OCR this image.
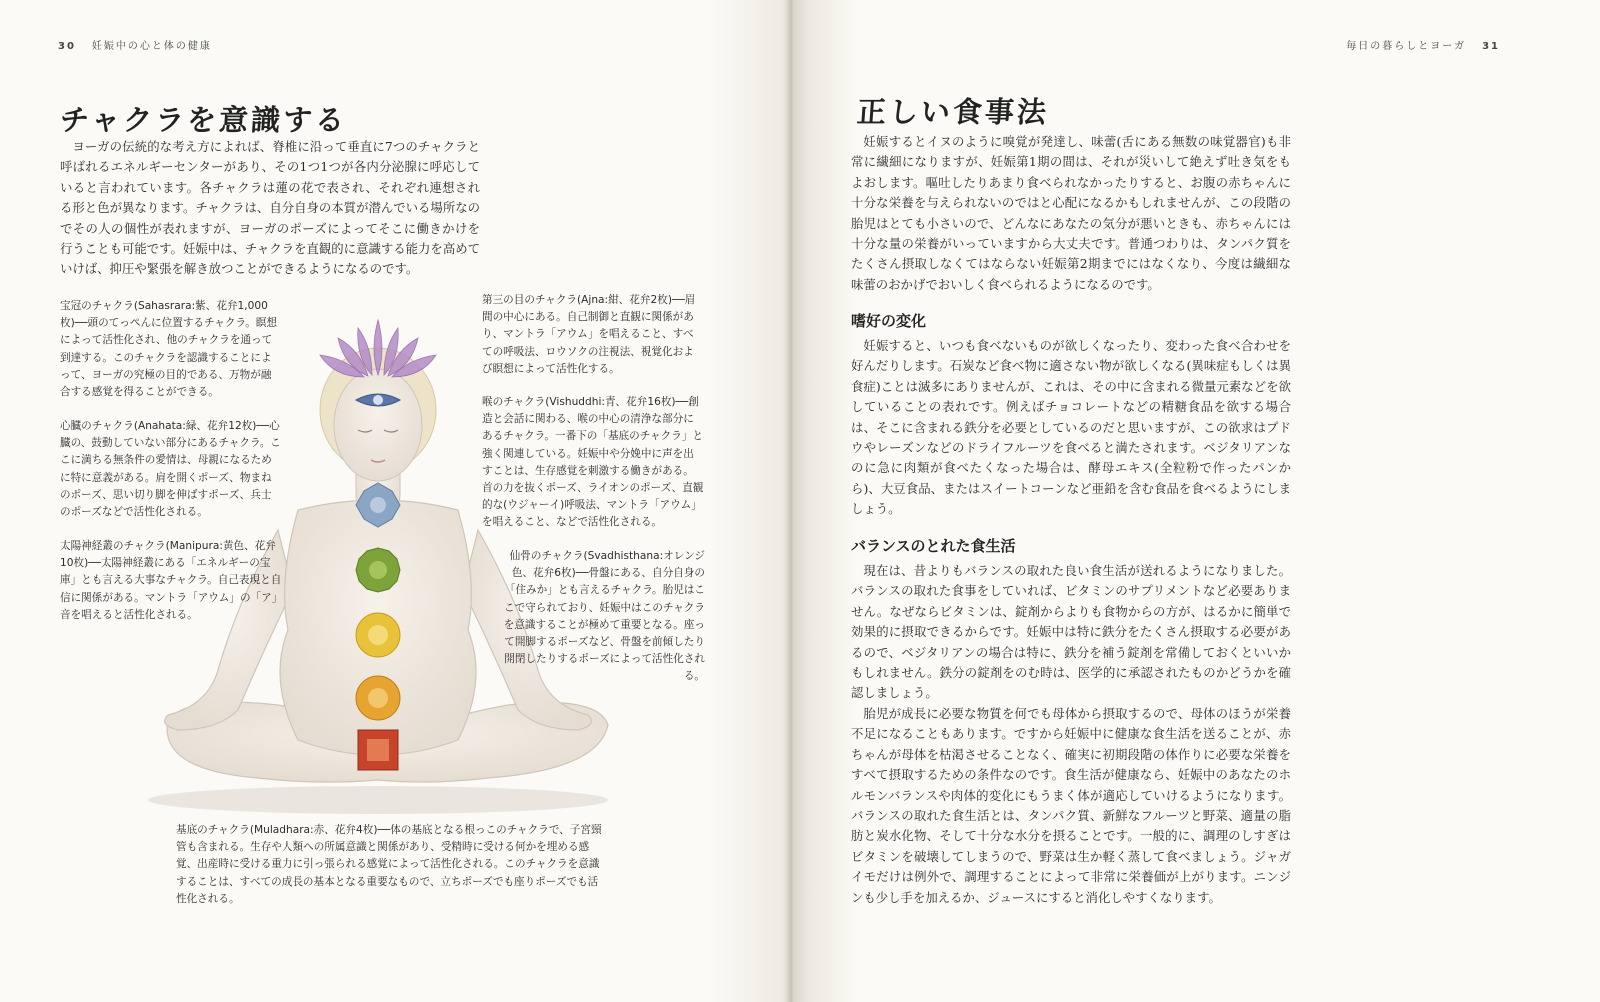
30 妊娠中の心と体の健康
チャクラを意識する

ヨーガの伝統的な考え方によれば、脊椎に沿って垂直に7つのチャクラと呼ばれるエネルギーセンターがあり、その1つ1つが各内分泌腺に呼応していると言われています。各チャクラは蓮の花で表され、それぞれ連想される形と色が異なります。チャクラは、自分自身の本質が潜んでいる場所なのでその人の個性が表れますが、ヨーガのポーズによってそこに働きかけを行うことも可能です。妊娠中は、チャクラを直観的に意識する能力を高めていけば、抑圧や緊張を解き放つことができるようになるのです。

宝冠のチャクラ(Sahasrara:紫、花弁1,000枚)──頭のてっぺんに位置するチャクラ。瞑想によって活性化され、他のチャクラを通って到達する。このチャクラを認識することによって、ヨーガの究極の目的である、万物が融合する感覚を得ることができる。

心臓のチャクラ(Anahata:緑、花弁12枚)──心臓の、鼓動していない部分にあるチャクラ。ここに満ちる無条件の愛情は、母親になるために特に意義がある。肩を開くポーズ、物まねのポーズ、思い切り脚を伸ばすポーズ、兵士のポーズなどで活性化される。

太陽神経叢のチャクラ(Manipura:黄色、花弁10枚)──太陽神経叢にある「エネルギーの宝庫」とも言える大事なチャクラ。自己表現と自信に関係がある。マントラ「アウム」の「ア」音を唱えると活性化される。

第三の目のチャクラ(Ajna:紺、花弁2枚)──眉間の中心にある。自己制御と直観に関係があり、マントラ「アウム」を唱えること、すべての呼吸法、ロウソクの注視法、視覚化および瞑想によって活性化する。

喉のチャクラ(Vishuddhi:青、花弁16枚)──創造と会話に関わる、喉の中心の清浄な部分にあるチャクラ。一番下の「基底のチャクラ」と強く関連している。妊娠中や分娩中に声を出すことは、生存感覚を刺激する働きがある。首の力を抜くポーズ、ライオンのポーズ、直観的な(ウジャーイ)呼吸法、マントラ「アウム」を唱えること、などで活性化される。

仙骨のチャクラ(Svadhisthana:オレンジ色、花弁6枚)──骨盤にある、自分自身の「住みか」とも言えるチャクラ。胎児はここで守られており、妊娠中はこのチャクラを意識することが極めて重要となる。座って開脚するポーズなど、骨盤を前傾したり開閉したりするポーズによって活性化される。

基底のチャクラ(Muladhara:赤、花弁4枚)──体の基底となる根っこのチャクラで、子宮頸管も含まれる。生存や人類への所属意識と関係があり、受精時に受ける何かを埋める感覚、出産時に受ける重力に引っ張られる感覚によって活性化される。このチャクラを意識することは、すべての成長の基本となる重要なもので、立ちポーズでも座りポーズでも活性化される。

毎日の暮らしとヨーガ 31
正しい食事法

妊娠するとイヌのように嗅覚が発達し、味蕾(舌にある無数の味覚器官)も非常に繊細になりますが、妊娠第1期の間は、それが災いして絶えず吐き気をもよおします。嘔吐したりあまり食べられなかったりすると、お腹の赤ちゃんに十分な栄養を与えられないのではと心配になるかもしれませんが、この段階の胎児はとても小さいので、どんなにあなたの気分が悪いときも、赤ちゃんには十分な量の栄養がいっていますから大丈夫です。普通つわりは、タンパク質をたくさん摂取しなくてはならない妊娠第2期までにはなくなり、今度は繊細な味蕾のおかげでおいしく食べられるようになるのです。

嗜好の変化

妊娠すると、いつも食べないものが欲しくなったり、変わった食べ合わせを好んだりします。石炭など食べ物に適さない物が欲しくなる(異味症もしくは異食症)ことは滅多にありませんが、これは、その中に含まれる微量元素などを欲していることの表れです。例えばチョコレートなどの精糖食品を欲する場合は、そこに含まれる鉄分を必要としているのだと思いますが、この欲求はプドウやレーズンなどのドライフルーツを食べると満たされます。ベジタリアンなのに急に肉類が食べたくなった場合は、酵母エキス(全粒粉で作ったパンから)、大豆食品、またはスイートコーンなど亜鉛を含む食品を食べるようにしましょう。

バランスのとれた食生活

現在は、昔よりもバランスの取れた良い食生活が送れるようになりました。バランスの取れた食事をしていれば、ビタミンのサプリメントなど必要ありません。なぜならビタミンは、錠剤からよりも食物からの方が、はるかに簡単で効果的に摂取できるからです。妊娠中は特に鉄分をたくさん摂取する必要があるので、ベジタリアンの場合は特に、鉄分を補う錠剤を常備しておくといいかもしれません。鉄分の錠剤をのむ時は、医学的に承認されたものかどうかを確認しましょう。

胎児が成長に必要な物質を何でも母体から摂取するので、母体のほうが栄養不足になることもあります。ですから妊娠中に健康な食生活を送ることが、赤ちゃんが母体を枯渇させることなく、確実に初期段階の体作りに必要な栄養をすべて摂取するための条件なのです。食生活が健康なら、妊娠中のあなたのホルモンバランスや肉体的変化にもうまく体が適応していけるようになります。バランスの取れた食生活とは、タンパク質、新鮮なフルーツと野菜、適量の脂肪と炭水化物、そして十分な水分を摂ることです。一般的に、調理のしすぎはビタミンを破壊してしまうので、野菜は生か軽く蒸して食べましょう。ジャガイモだけは例外で、調理することによって非常に栄養価が上がります。ニンジンも少し手を加えるか、ジュースにすると消化しやすくなります。
